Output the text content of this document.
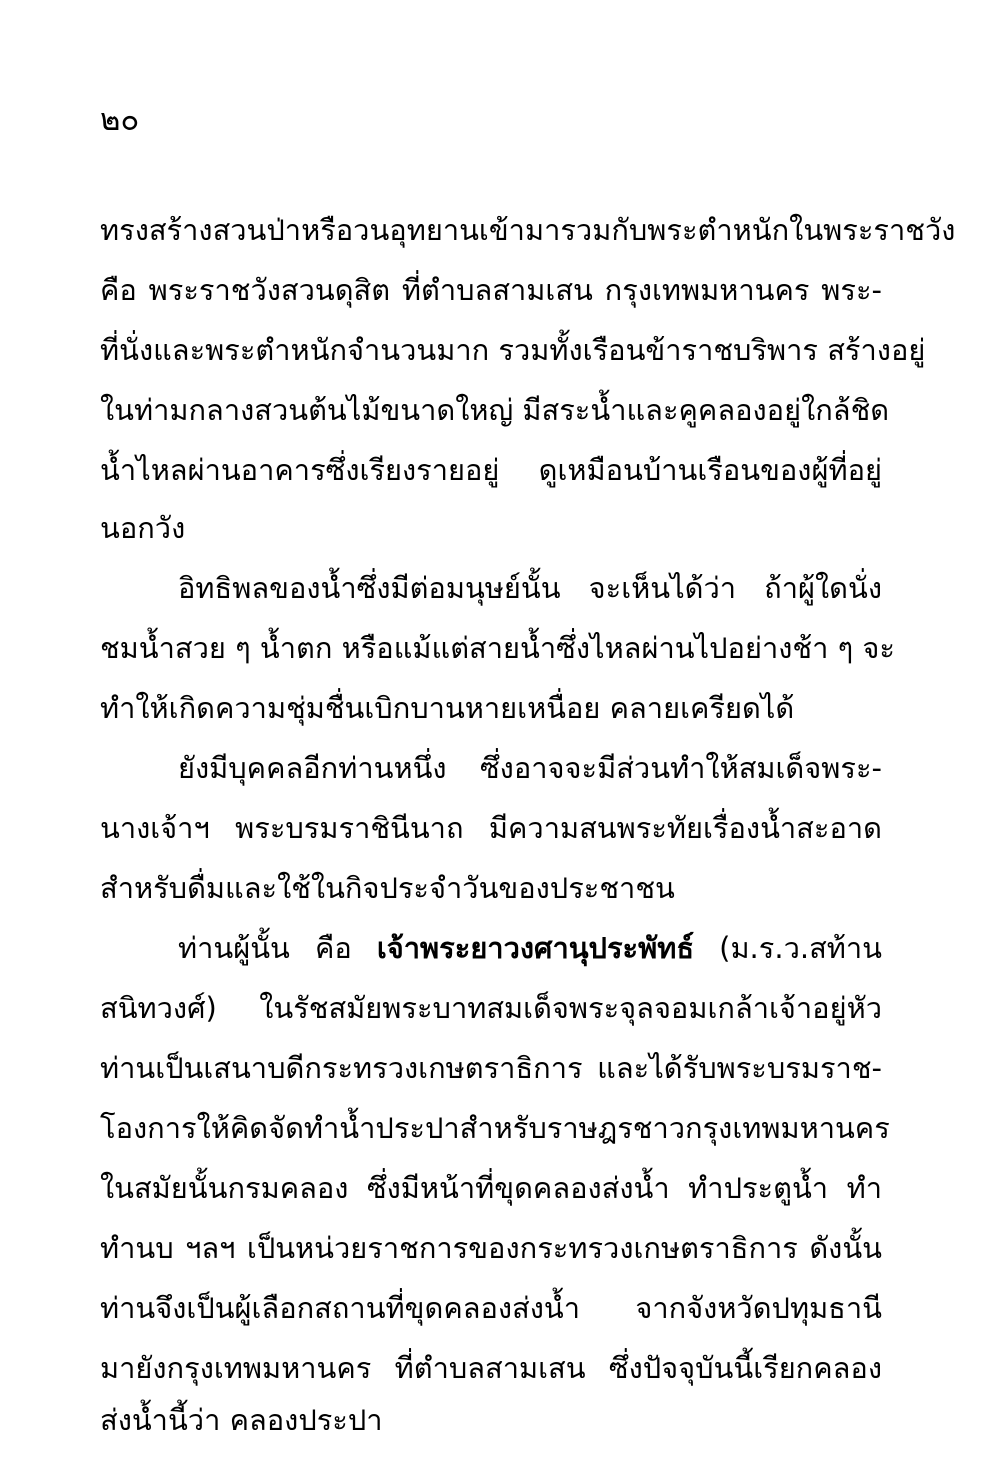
๒๐
ทรงสร้างสวนป่าหรือวนอุทยานเข้ามารวมกับพระตำหนักในพระราชวัง
คือ พระราชวังสวนดุสิต ที่ตำบลสามเสน กรุงเทพมหานคร พระ-
ที่นั่งและพระตำหนักจำนวนมาก รวมทั้งเรือนข้าราชบริพาร สร้างอยู่
ในท่ามกลางสวนต้นไม้ขนาดใหญ่ มีสระน้ำและคูคลองอยู่ใกล้ชิด
น้ำไหลผ่านอาคารซึ่งเรียงรายอยู่ ดูเหมือนบ้านเรือนของผู้ที่อยู่
นอกวัง
อิทธิพลของน้ำซึ่งมีต่อมนุษย์นั้น จะเห็นได้ว่า ถ้าผู้ใดนั่ง
ชมน้ำสวย ๆ น้ำตก หรือแม้แต่สายน้ำซึ่งไหลผ่านไปอย่างช้า ๆ จะ
ทำให้เกิดความชุ่มชื่นเบิกบานหายเหนื่อย คลายเครียดได้
ยังมีบุคคลอีกท่านหนึ่ง ซึ่งอาจจะมีส่วนทำให้สมเด็จพระ-
นางเจ้าฯ พระบรมราชินีนาถ มีความสนพระทัยเรื่องน้ำสะอาด
สำหรับดื่มและใช้ในกิจประจำวันของประชาชน
ท่านผู้นั้น คือ เจ้าพระยาวงศานุประพัทธ์ (ม.ร.ว.สท้าน
สนิทวงศ์) ในรัชสมัยพระบาทสมเด็จพระจุลจอมเกล้าเจ้าอยู่หัว
ท่านเป็นเสนาบดีกระทรวงเกษตราธิการ และได้รับพระบรมราช-
โองการให้คิดจัดทำน้ำประปาสำหรับราษฎรชาวกรุงเทพมหานคร
ในสมัยนั้นกรมคลอง ซึ่งมีหน้าที่ขุดคลองส่งน้ำ ทำประตูน้ำ ทำ
ทำนบ ฯลฯ เป็นหน่วยราชการของกระทรวงเกษตราธิการ ดังนั้น
ท่านจึงเป็นผู้เลือกสถานที่ขุดคลองส่งน้ำ จากจังหวัดปทุมธานี
มายังกรุงเทพมหานคร ที่ตำบลสามเสน ซึ่งปัจจุบันนี้เรียกคลอง
ส่งน้ำนี้ว่า คลองประปา
